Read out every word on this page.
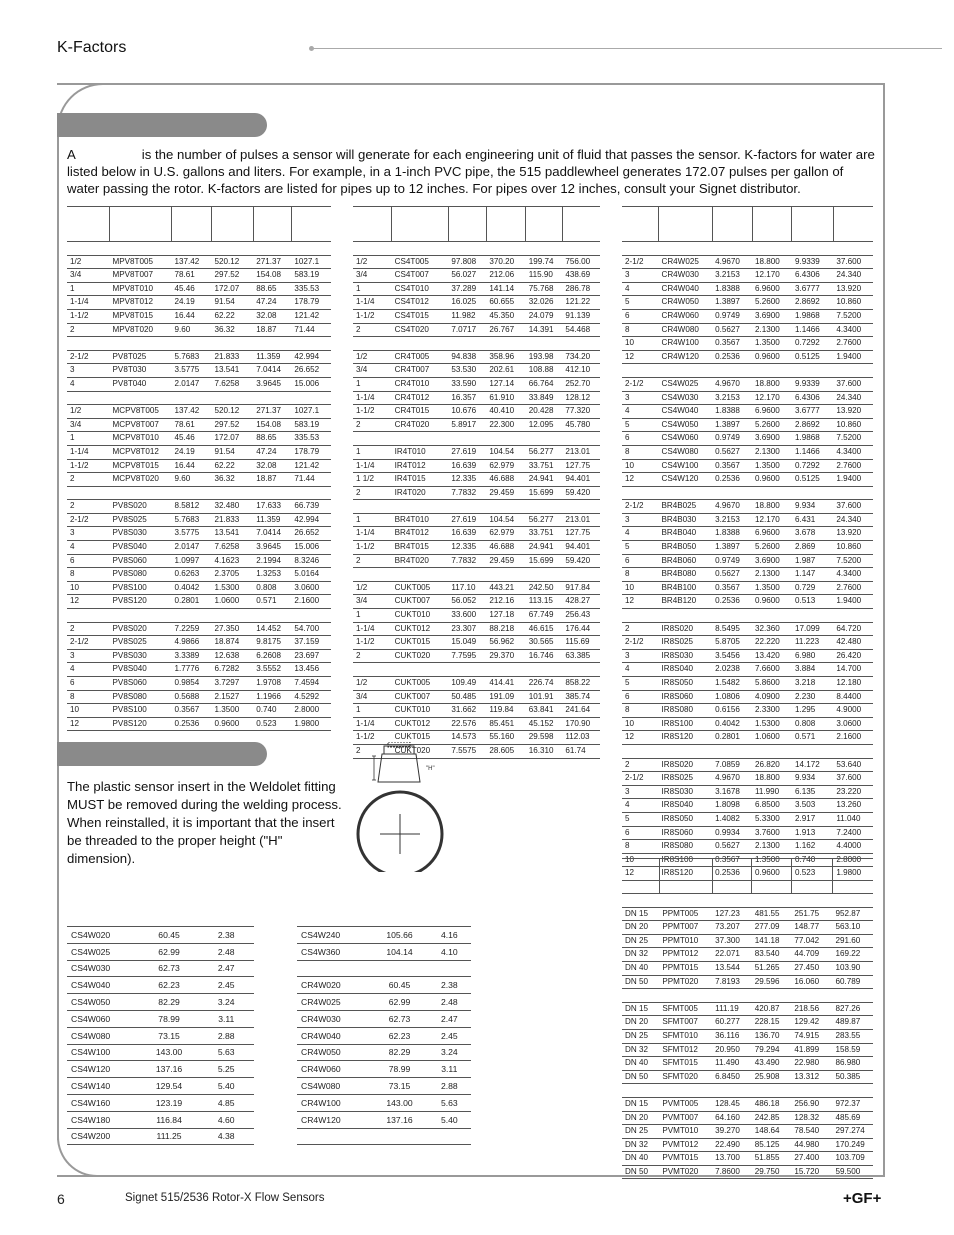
K-Factors
A	is the number of pulses a sensor will generate for each engineering unit of fluid that passes the sensor. K-factors for water are listed below in U.S. gallons and liters. For example, in a 1-inch PVC pipe, the 515 paddlewheel generates 172.07 pulses per gallon of water passing the rotor. K-factors are listed for pipes up to 12 inches. For pipes over 12 inches, consult your Signet distributor.

1/2	MPV8T005	137.42	520.12	271.37	1027.1
3/4	MPV8T007	78.61	297.52	154.08	583.19
1	MPV8T010	45.46	172.07	88.65	335.53
1-1/4	MPV8T012	24.19	91.54	47.24	178.79
1-1/2	MPV8T015	16.44	62.22	32.08	121.42
2	MPV8T020	9.60	36.32	18.87	71.44

2-1/2	PV8T025	5.7683	21.833	11.359	42.994
3	PV8T030	3.5775	13.541	7.0414	26.652
4	PV8T040	2.0147	7.6258	3.9645	15.006

1/2	MCPV8T005	137.42	520.12	271.37	1027.1
3/4	MCPV8T007	78.61	297.52	154.08	583.19
1	MCPV8T010	45.46	172.07	88.65	335.53
1-1/4	MCPV8T012	24.19	91.54	47.24	178.79
1-1/2	MCPV8T015	16.44	62.22	32.08	121.42
2	MCPV8T020	9.60	36.32	18.87	71.44

2	PV8S020	8.5812	32.480	17.633	66.739
2-1/2	PV8S025	5.7683	21.833	11.359	42.994
3	PV8S030	3.5775	13.541	7.0414	26.652
4	PV8S040	2.0147	7.6258	3.9645	15.006
6	PV8S060	1.0997	4.1623	2.1994	8.3246
8	PV8S080	0.6263	2.3705	1.3253	5.0164
10	PV8S100	0.4042	1.5300	0.808	3.0600
12	PV8S120	0.2801	1.0600	0.571	2.1600

2	PV8S020	7.2259	27.350	14.452	54.700
2-1/2	PV8S025	4.9866	18.874	9.8175	37.159
3	PV8S030	3.3389	12.638	6.2608	23.697
4	PV8S040	1.7776	6.7282	3.5552	13.456
6	PV8S060	0.9854	3.7297	1.9708	7.4594
8	PV8S080	0.5688	2.1527	1.1966	4.5292
10	PV8S100	0.3567	1.3500	0.740	2.8000
12	PV8S120	0.2536	0.9600	0.523	1.9800

1/2	CS4T005	97.808	370.20	199.74	756.00
3/4	CS4T007	56.027	212.06	115.90	438.69
1	CS4T010	37.289	141.14	75.768	286.78
1-1/4	CS4T012	16.025	60.655	32.026	121.22
1-1/2	CS4T015	11.982	45.350	24.079	91.139
2	CS4T020	7.0717	26.767	14.391	54.468

1/2	CR4T005	94.838	358.96	193.98	734.20
3/4	CR4T007	53.530	202.61	108.88	412.10
1	CR4T010	33.590	127.14	66.764	252.70
1-1/4	CR4T012	16.357	61.910	33.849	128.12
1-1/2	CR4T015	10.676	40.410	20.428	77.320
2	CR4T020	5.8917	22.300	12.095	45.780

1	IR4T010	27.619	104.54	56.277	213.01
1-1/4	IR4T012	16.639	62.979	33.751	127.75
1 1/2	IR4T015	12.335	46.688	24.941	94.401
2	IR4T020	7.7832	29.459	15.699	59.420

1	BR4T010	27.619	104.54	56.277	213.01
1-1/4	BR4T012	16.639	62.979	33.751	127.75
1-1/2	BR4T015	12.335	46.688	24.941	94.401
2	BR4T020	7.7832	29.459	15.699	59.420

1/2	CUKT005	117.10	443.21	242.50	917.84
3/4	CUKT007	56.052	212.16	113.15	428.27
1	CUKT010	33.600	127.18	67.749	256.43
1-1/4	CUKT012	23.307	88.218	46.615	176.44
1-1/2	CUKT015	15.049	56.962	30.565	115.69
2	CUKT020	7.7595	29.370	16.746	63.385

1/2	CUKT005	109.49	414.41	226.74	858.22
3/4	CUKT007	50.485	191.09	101.91	385.74
1	CUKT010	31.662	119.84	63.841	241.64
1-1/4	CUKT012	22.576	85.451	45.152	170.90
1-1/2	CUKT015	14.573	55.160	29.598	112.03
2	CUKT020	7.5575	28.605	16.310	61.74

2-1/2	CR4W025	4.9670	18.800	9.9339	37.600
3	CR4W030	3.2153	12.170	6.4306	24.340
4	CR4W040	1.8388	6.9600	3.6777	13.920
5	CR4W050	1.3897	5.2600	2.8692	10.860
6	CR4W060	0.9749	3.6900	1.9868	7.5200
8	CR4W080	0.5627	2.1300	1.1466	4.3400
10	CR4W100	0.3567	1.3500	0.7292	2.7600
12	CR4W120	0.2536	0.9600	0.5125	1.9400

2-1/2	CS4W025	4.9670	18.800	9.9339	37.600
3	CS4W030	3.2153	12.170	6.4306	24.340
4	CS4W040	1.8388	6.9600	3.6777	13.920
5	CS4W050	1.3897	5.2600	2.8692	10.860
6	CS4W060	0.9749	3.6900	1.9868	7.5200
8	CS4W080	0.5627	2.1300	1.1466	4.3400
10	CS4W100	0.3567	1.3500	0.7292	2.7600
12	CS4W120	0.2536	0.9600	0.5125	1.9400

2-1/2	BR4B025	4.9670	18.800	9.934	37.600
3	BR4B030	3.2153	12.170	6.431	24.340
4	BR4B040	1.8388	6.9600	3.678	13.920
5	BR4B050	1.3897	5.2600	2.869	10.860
6	BR4B060	0.9749	3.6900	1.987	7.5200
8	BR4B080	0.5627	2.1300	1.147	4.3400
10	BR4B100	0.3567	1.3500	0.729	2.7600
12	BR4B120	0.2536	0.9600	0.513	1.9400

2	IR8S020	8.5495	32.360	17.099	64.720
2-1/2	IR8S025	5.8705	22.220	11.223	42.480
3	IR8S030	3.5456	13.420	6.980	26.420
4	IR8S040	2.0238	7.6600	3.884	14.700
5	IR8S050	1.5482	5.8600	3.218	12.180
6	IR8S060	1.0806	4.0900	2.230	8.4400
8	IR8S080	0.6156	2.3300	1.295	4.9000
10	IR8S100	0.4042	1.5300	0.808	3.0600
12	IR8S120	0.2801	1.0600	0.571	2.1600

2	IR8S020	7.0859	26.820	14.172	53.640
2-1/2	IR8S025	4.9670	18.800	9.934	37.600
3	IR8S030	3.1678	11.990	6.135	23.220
4	IR8S040	1.8098	6.8500	3.503	13.260
5	IR8S050	1.4082	5.3300	2.917	11.040
6	IR8S060	0.9934	3.7600	1.913	7.2400
8	IR8S080	0.5627	2.1300	1.162	4.4000
10	IR8S100	0.3567	1.3500	0.740	2.8000
12	IR8S120	0.2536	0.9600	0.523	1.9800

DN 15	PPMT005	127.23	481.55	251.75	952.87
DN 20	PPMT007	73.207	277.09	148.77	563.10
DN 25	PPMT010	37.300	141.18	77.042	291.60
DN 32	PPMT012	22.071	83.540	44.709	169.22
DN 40	PPMT015	13.544	51.265	27.450	103.90
DN 50	PPMT020	7.8193	29.596	16.060	60.789

DN 15	SFMT005	111.19	420.87	218.56	827.26
DN 20	SFMT007	60.277	228.15	129.42	489.87
DN 25	SFMT010	36.116	136.70	74.915	283.55
DN 32	SFMT012	20.950	79.294	41.899	158.59
DN 40	SFMT015	11.490	43.490	22.980	86.980
DN 50	SFMT020	6.8450	25.908	13.312	50.385

DN 15	PVMT005	128.45	486.18	256.90	972.37
DN 20	PVMT007	64.160	242.85	128.32	485.69
DN 25	PVMT010	39.270	148.64	78.540	297.274
DN 32	PVMT012	22.490	85.125	44.980	170.249
DN 40	PVMT015	13.700	51.855	27.400	103.709
DN 50	PVMT020	7.8600	29.750	15.720	59.500
The plastic sensor insert in the Weldolet fitting MUST be removed during the welding process. When reinstalled, it is important that the insert be threaded to the proper height ("H" dimension).
"H"

CS4W020	60.45	2.38
CS4W025	62.99	2.48
CS4W030	62.73	2.47
CS4W040	62.23	2.45
CS4W050	82.29	3.24
CS4W060	78.99	3.11
CS4W080	73.15	2.88
CS4W100	143.00	5.63
CS4W120	137.16	5.25
CS4W140	129.54	5.40
CS4W160	123.19	4.85
CS4W180	116.84	4.60
CS4W200	111.25	4.38

CS4W240	105.66	4.16
CS4W360	104.14	4.10

CR4W020	60.45	2.38
CR4W025	62.99	2.48
CR4W030	62.73	2.47
CR4W040	62.23	2.45
CR4W050	82.29	3.24
CR4W060	78.99	3.11
CS4W080	73.15	2.88
CR4W100	143.00	5.63
CR4W120	137.16	5.40

6	Signet 515/2536 Rotor-X Flow Sensors	+GF+
